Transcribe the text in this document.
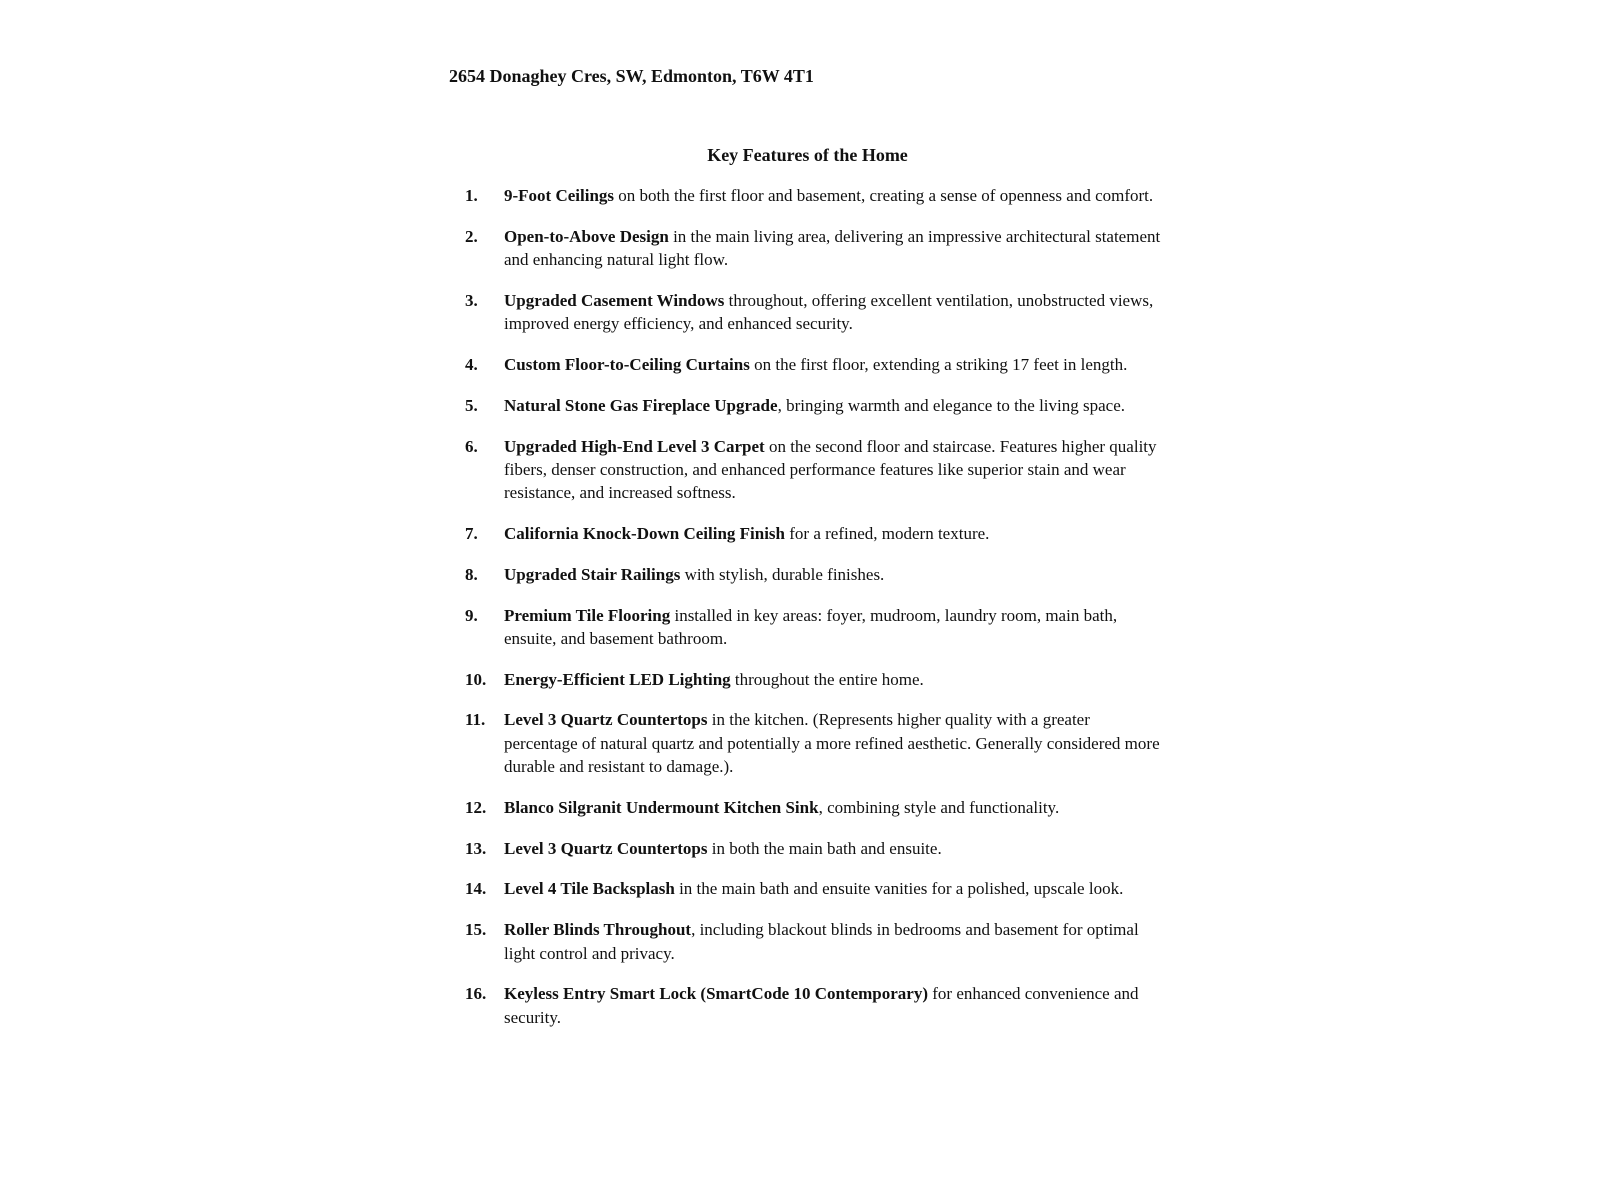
2654 Donaghey Cres, SW, Edmonton, T6W 4T1
Key Features of the Home
1. 9-Foot Ceilings on both the first floor and basement, creating a sense of openness and comfort.
2. Open-to-Above Design in the main living area, delivering an impressive architectural statement and enhancing natural light flow.
3. Upgraded Casement Windows throughout, offering excellent ventilation, unobstructed views, improved energy efficiency, and enhanced security.
4. Custom Floor-to-Ceiling Curtains on the first floor, extending a striking 17 feet in length.
5. Natural Stone Gas Fireplace Upgrade, bringing warmth and elegance to the living space.
6. Upgraded High-End Level 3 Carpet on the second floor and staircase. Features higher quality fibers, denser construction, and enhanced performance features like superior stain and wear resistance, and increased softness.
7. California Knock-Down Ceiling Finish for a refined, modern texture.
8. Upgraded Stair Railings with stylish, durable finishes.
9. Premium Tile Flooring installed in key areas: foyer, mudroom, laundry room, main bath, ensuite, and basement bathroom.
10. Energy-Efficient LED Lighting throughout the entire home.
11. Level 3 Quartz Countertops in the kitchen. (Represents higher quality with a greater percentage of natural quartz and potentially a more refined aesthetic. Generally considered more durable and resistant to damage.).
12. Blanco Silgranit Undermount Kitchen Sink, combining style and functionality.
13. Level 3 Quartz Countertops in both the main bath and ensuite.
14. Level 4 Tile Backsplash in the main bath and ensuite vanities for a polished, upscale look.
15. Roller Blinds Throughout, including blackout blinds in bedrooms and basement for optimal light control and privacy.
16. Keyless Entry Smart Lock (SmartCode 10 Contemporary) for enhanced convenience and security.
